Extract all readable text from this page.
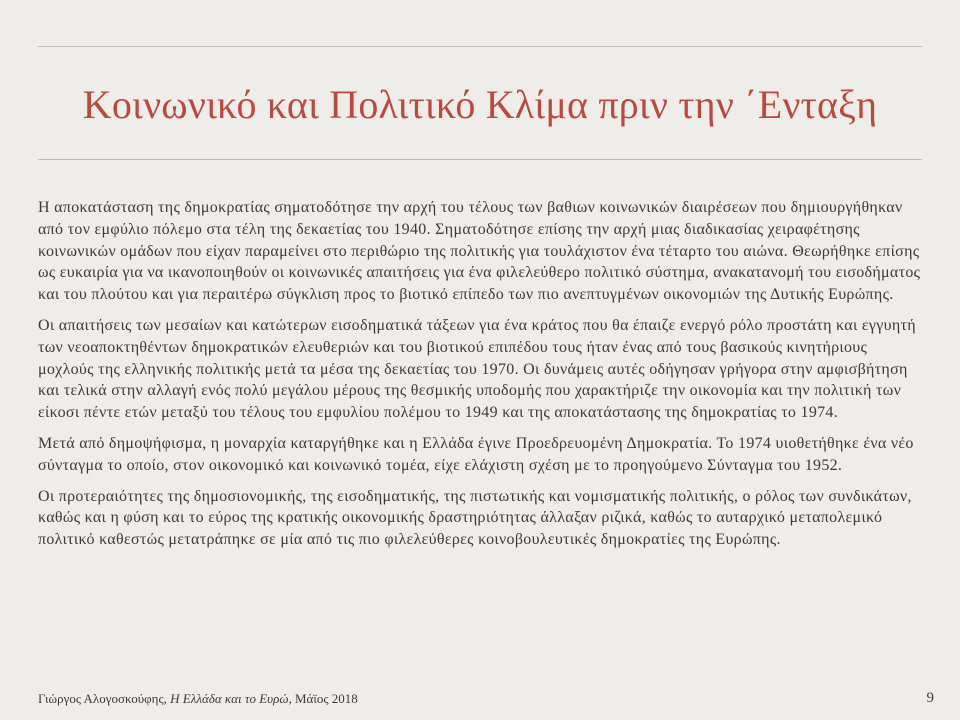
Κοινωνικό και Πολιτικό Κλίμα πριν την ΄Ενταξη

Η αποκατάσταση της δημοκρατίας σηματοδότησε την αρχή του τέλους των βαθιων κοινωνικών διαιρέσεων που δημιουργήθηκαν από τον εμφύλιο πόλεμο στα τέλη της δεκαετίας του 1940. Σηματοδότησε επίσης την αρχή μιας διαδικασίας χειραφέτησης κοινωνικών ομάδων που είχαν παραμείνει στο περιθώριο της πολιτικής για τουλάχιστον ένα τέταρτο του αιώνα. Θεωρήθηκε επίσης ως ευκαιρία για να ικανοποιηθούν οι κοινωνικές απαιτήσεις για ένα φιλελεύθερο πολιτικό σύστημα, ανακατανομή του εισοδήματος και του πλούτου και για περαιτέρω σύγκλιση προς το βιοτικό επίπεδο των πιο ανεπτυγμένων οικονομιών της Δυτικής Ευρώπης.

Οι απαιτήσεις των μεσαίων και κατώτερων εισοδηματικά τάξεων για ένα κράτος που θα έπαιζε ενεργό ρόλο προστάτη και εγγυητή των νεοαποκτηθέντων δημοκρατικών ελευθεριών και του βιοτικού επιπέδου τους ήταν ένας από τους βασικούς κινητήριους μοχλούς της ελληνικής πολιτικής μετά τα μέσα της δεκαετίας του 1970. Οι δυνάμεις αυτές οδήγησαν γρήγορα στην αμφισβήτηση και τελικά στην αλλαγή ενός πολύ μεγάλου μέρους της θεσμικής υποδομής που χαρακτήριζε την οικονομία και την πολιτική των είκοσι πέντε ετών μεταξύ του τέλους του εμφυλίου πολέμου το 1949 και της αποκατάστασης της δημοκρατίας το 1974.

Μετά από δημοψήφισμα, η μοναρχία καταργήθηκε και η Ελλάδα έγινε Προεδρευομένη Δημοκρατία. Το 1974 υιοθετήθηκε ένα νέο σύνταγμα το οποίο, στον οικονομικό και κοινωνικό τομέα, είχε ελάχιστη σχέση με το προηγούμενο Σύνταγμα του 1952.

Οι προτεραιότητες της δημοσιονομικής, της εισοδηματικής, της πιστωτικής και νομισματικής πολιτικής, ο ρόλος των συνδικάτων, καθώς και η φύση και το εύρος της κρατικής οικονομικής δραστηριότητας άλλαξαν ριζικά, καθώς το αυταρχικό μεταπολεμικό πολιτικό καθεστώς μετατράπηκε σε μία από τις πιο φιλελεύθερες κοινοβουλευτικές δημοκρατίες της Ευρώπης.

Γιώργος Αλογοσκούφης, Η Ελλάδα και το Ευρώ, Μάϊος 2018	9
